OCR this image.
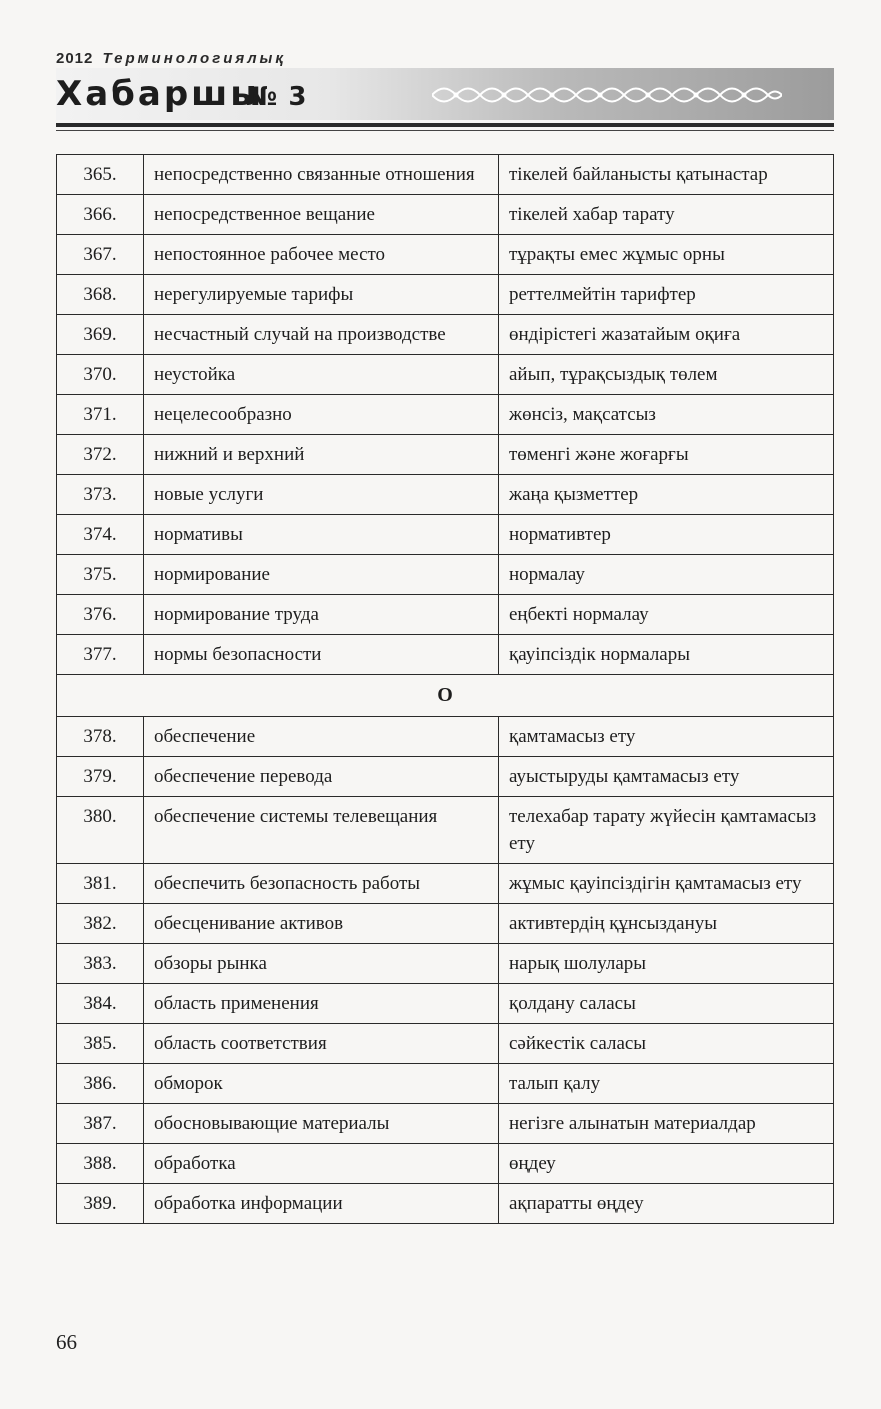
2012 Терминологиялық
Хабаршы
№ 3
365.	непосредственно связанные отношения	тікелей байланысты қатынастар
366.	непосредственное вещание	тікелей хабар тарату
367.	непостоянное рабочее место	тұрақты емес жұмыс орны
368.	нерегулируемые тарифы	реттелмейтін тарифтер
369.	несчастный случай на производстве	өндірістегі жазатайым оқиға
370.	неустойка	айып, тұрақсыздық төлем
371.	нецелесообразно	жөнсіз, мақсатсыз
372.	нижний и верхний	төменгі және жоғарғы
373.	новые услуги	жаңа қызметтер
374.	нормативы	нормативтер
375.	нормирование	нормалау
376.	нормирование труда	еңбекті нормалау
377.	нормы безопасности	қауіпсіздік нормалары
О		
378.	обеспечение	қамтамасыз ету
379.	обеспечение перевода	ауыстыруды қамтамасыз ету
380.	обеспечение системы телевещания	телехабар тарату жүйесін қамтамасыз ету
381.	обеспечить безопасность работы	жұмыс қауіпсіздігін қамтамасыз ету
382.	обесценивание активов	активтердің құнсыздануы
383.	обзоры рынка	нарық шолулары
384.	область применения	қолдану саласы
385.	область соответствия	сәйкестік саласы
386.	обморок	талып қалу
387.	обосновывающие материалы	негізге алынатын материалдар
388.	обработка	өңдеу
389.	обработка информации	ақпаратты өңдеу
66
